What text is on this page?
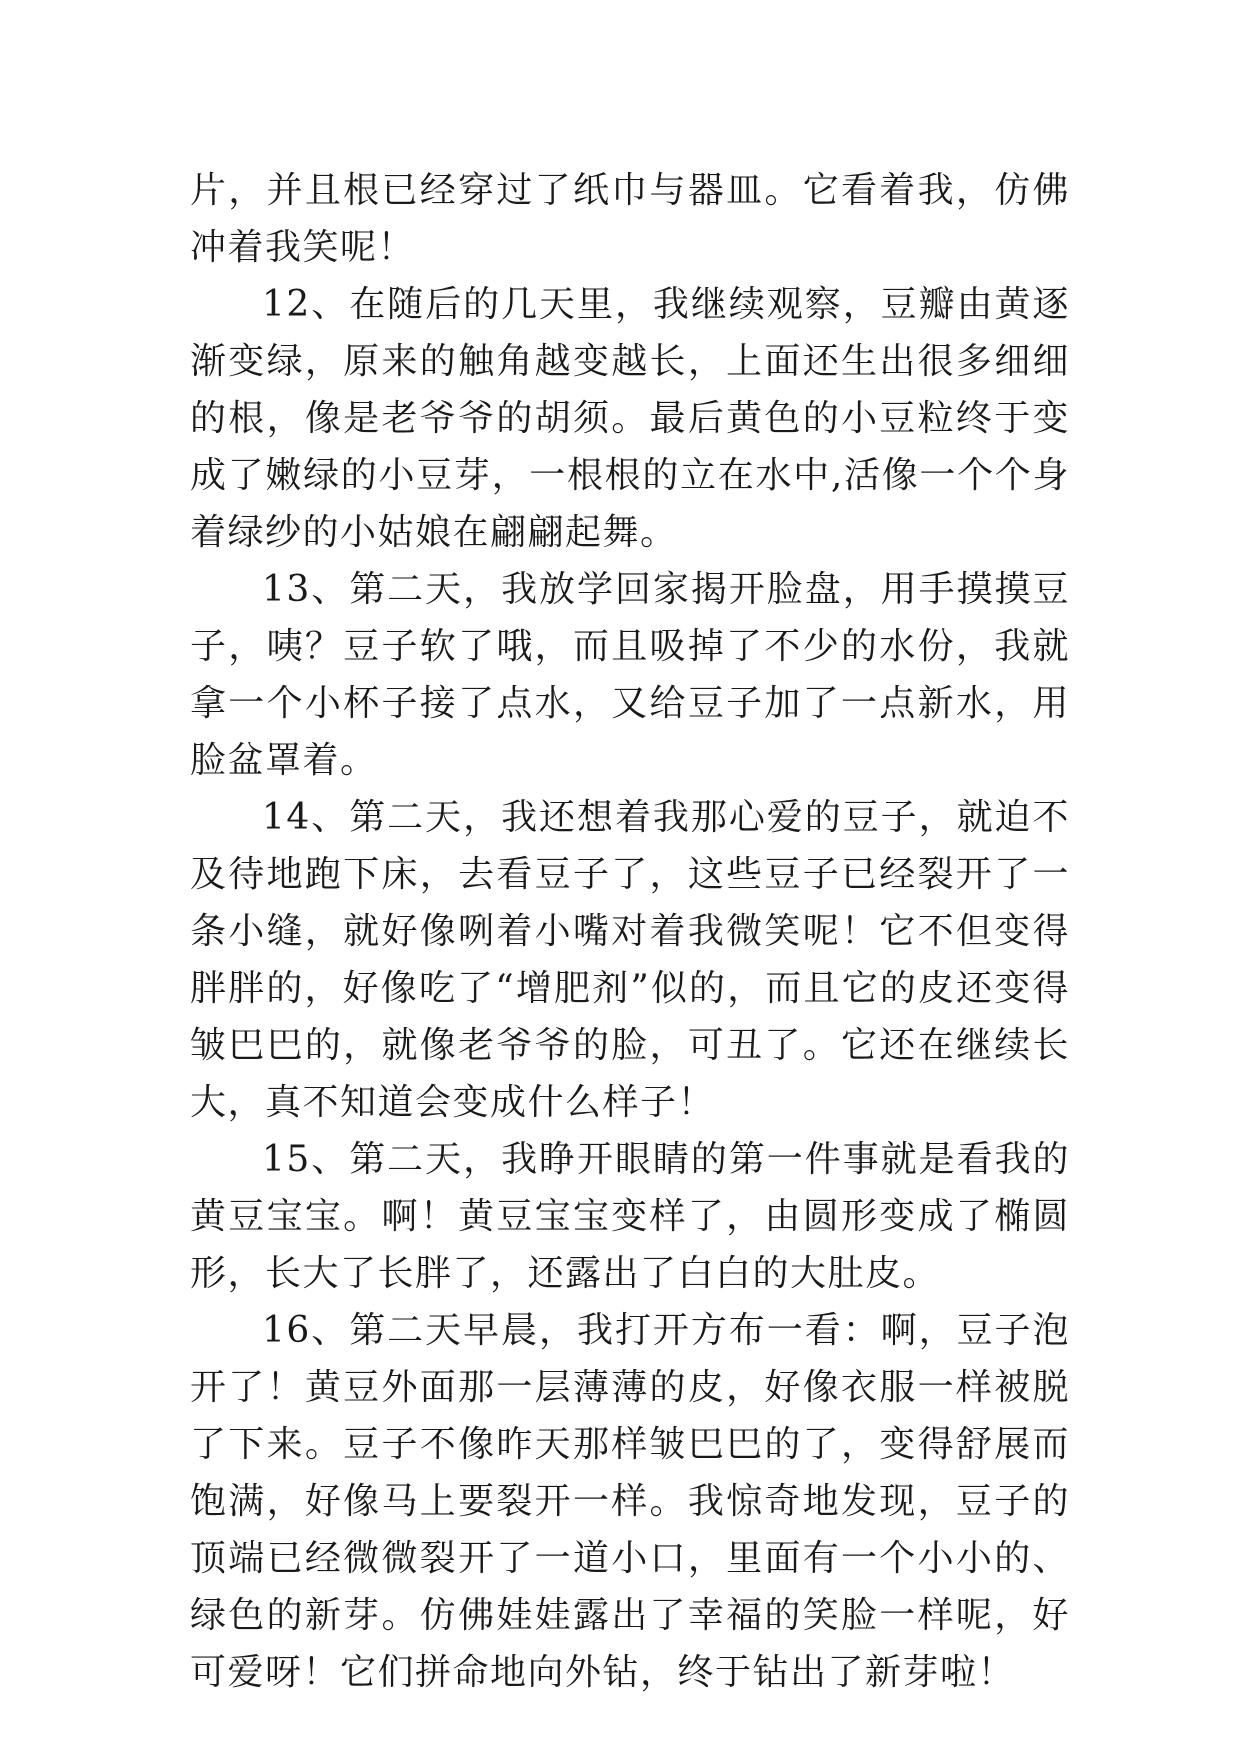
片，并且根已经穿过了纸巾与器皿。它看着我，仿佛冲着我笑呢！

12、在随后的几天里，我继续观察，豆瓣由黄逐渐变绿，原来的触角越变越长，上面还生出很多细细的根，像是老爷爷的胡须。最后黄色的小豆粒终于变成了嫩绿的小豆芽，一根根的立在水中,活像一个个身着绿纱的小姑娘在翩翩起舞。

13、第二天，我放学回家揭开脸盘，用手摸摸豆子，咦？豆子软了哦，而且吸掉了不少的水份，我就拿一个小杯子接了点水，又给豆子加了一点新水，用脸盆罩着。

14、第二天，我还想着我那心爱的豆子，就迫不及待地跑下床，去看豆子了，这些豆子已经裂开了一条小缝，就好像咧着小嘴对着我微笑呢！它不但变得胖胖的，好像吃了“增肥剂”似的，而且它的皮还变得皱巴巴的，就像老爷爷的脸，可丑了。它还在继续长大，真不知道会变成什么样子！

15、第二天，我睁开眼睛的第一件事就是看我的黄豆宝宝。啊！黄豆宝宝变样了，由圆形变成了椭圆形，长大了长胖了，还露出了白白的大肚皮。

16、第二天早晨，我打开方布一看：啊，豆子泡开了！黄豆外面那一层薄薄的皮，好像衣服一样被脱了下来。豆子不像昨天那样皱巴巴的了，变得舒展而饱满，好像马上要裂开一样。我惊奇地发现，豆子的顶端已经微微裂开了一道小口，里面有一个小小的、绿色的新芽。仿佛娃娃露出了幸福的笑脸一样呢，好可爱呀！它们拼命地向外钻，终于钻出了新芽啦！
